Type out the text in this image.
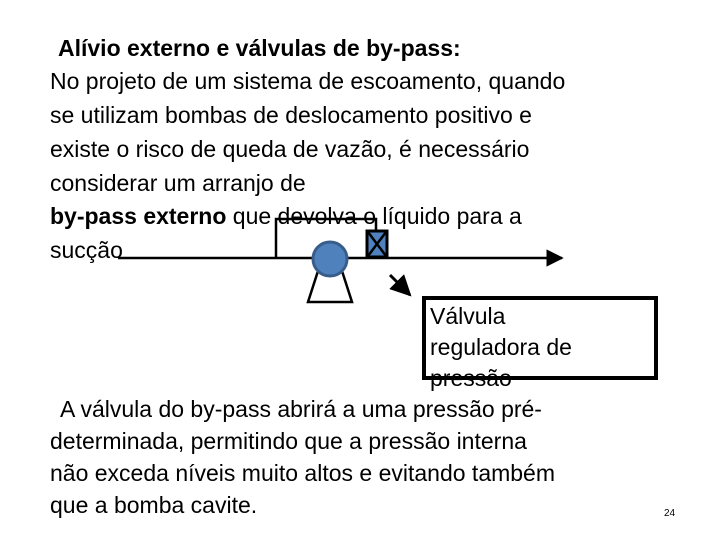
Alívio externo e válvulas de by-pass:
No projeto de um sistema de escoamento, quando
se utilizam bombas de deslocamento positivo e
existe o risco de queda de vazão, é necessário
considerar um arranjo de
by-pass externo que devolva o líquido para a
sucção
Válvula
reguladora de
pressão
A válvula do by-pass abrirá a uma pressão pré-
determinada, permitindo que a pressão interna
não exceda níveis muito altos e evitando também
que a bomba cavite.	24
